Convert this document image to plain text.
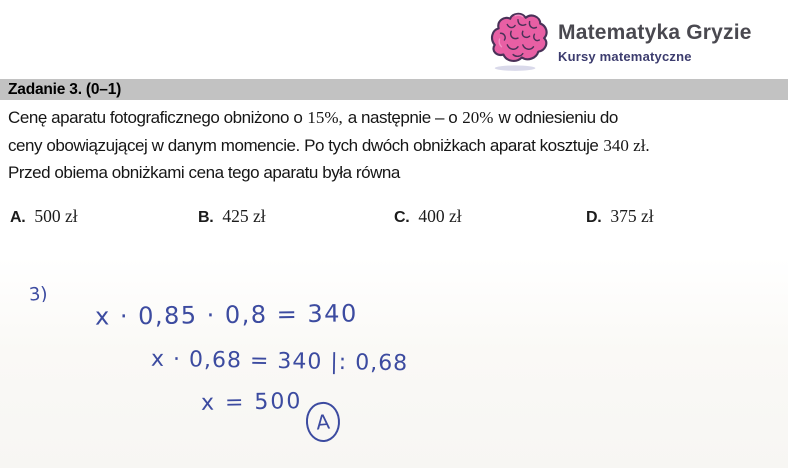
Matematyka Gryzie
Kursy matematyczne
Zadanie 3. (0–1)
Cenę aparatu fotograficznego obniżono o 15%, a następnie – o 20% w odniesieniu do
ceny obowiązującej w danym momencie. Po tych dwóch obniżkach aparat kosztuje 340 zł.
Przed obiema obniżkami cena tego aparatu była równa
A. 500 zł	B. 425 zł	C. 400 zł	D. 375 zł
3)
x · 0,85 · 0,8 = 340
x · 0,68 = 340 |: 0,68
x = 500
A
